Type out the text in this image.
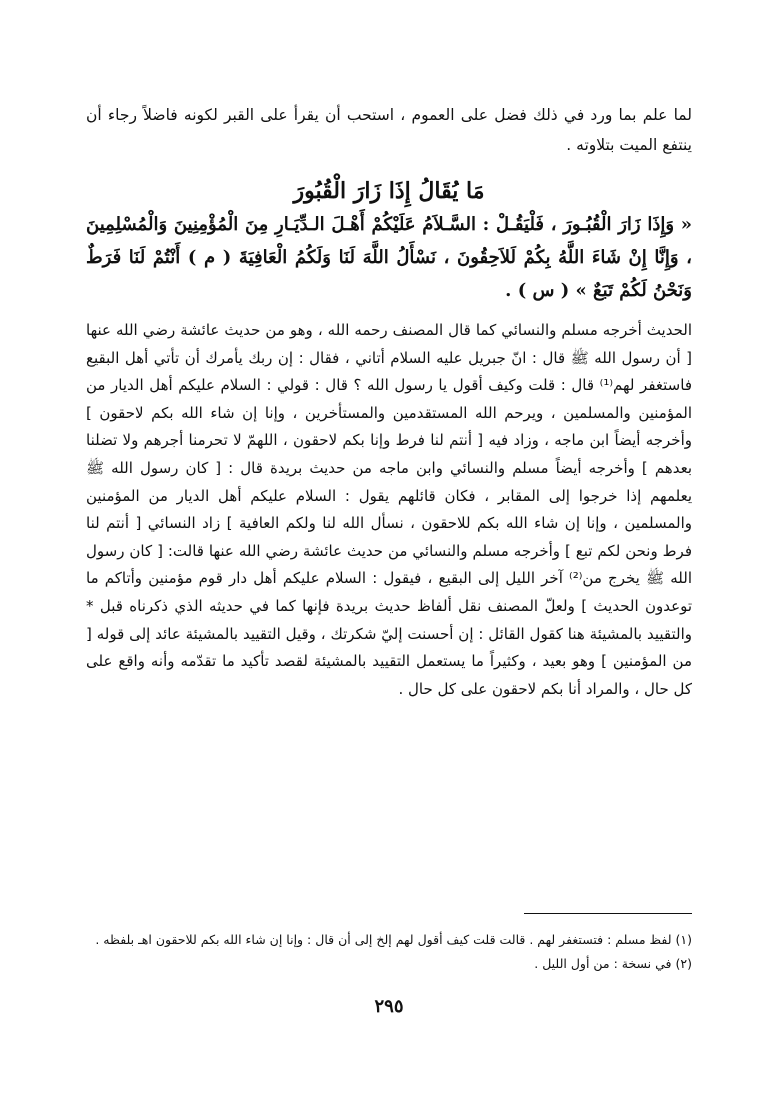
لما علم بما ورد في ذلك فضل على العموم ، استحب أن يقرأ على القبر لكونه فاضلاً رجاء أن ينتفع الميت بتلاوته .

مَا يُقَالُ إِذَا زَارَ الْقُبُورَ

« وَإِذَا زَارَ الْقُبُـورَ ، فَلْيَقُـلْ : السَّـلاَمُ عَلَيْكُمْ أَهْـلَ الـدِّيَـارِ مِنَ الْمُؤْمِنِينَ وَالْمُسْلِمِينَ ، وَإِنَّا إِنْ شَاءَ اللَّهُ بِكُمْ لَلاَحِقُونَ ، نَسْأَلُ اللَّهَ لَنَا وَلَكُمُ الْعَافِيَةَ ( م ) أَنْتُمْ لَنَا فَرَطٌ وَنَحْنُ لَكُمْ تَبَعٌ » ( س ) .

الحديث أخرجه مسلم والنسائي كما قال المصنف رحمه الله ، وهو من حديث عائشة رضي الله عنها [ أن رسول الله ﷺ قال : انّ جبريل عليه السلام أتاني ، فقال : إن ربك يأمرك أن تأتي أهل البقيع فاستغفر لهم⁽¹⁾ قال : قلت وكيف أقول يا رسول الله ؟ قال : قولي : السلام عليكم أهل الديار من المؤمنين والمسلمين ، ويرحم الله المستقدمين والمستأخرين ، وإنا إن شاء الله بكم لاحقون ] وأخرجه أيضاً ابن ماجه ، وزاد فيه [ أنتم لنا فرط وإنا بكم لاحقون ، اللهمّ لا تحرمنا أجرهم ولا تضلنا بعدهم ] وأخرجه أيضاً مسلم والنسائي وابن ماجه من حديث بريدة قال : [ كان رسول الله ﷺ يعلمهم إذا خرجوا إلى المقابر ، فكان قائلهم يقول : السلام عليكم أهل الديار من المؤمنين والمسلمين ، وإنا إن شاء الله بكم للاحقون ، نسأل الله لنا ولكم العافية ] زاد النسائي [ أنتم لنا فرط ونحن لكم تبع ] وأخرجه مسلم والنسائي من حديث عائشة رضي الله عنها قالت: [ كان رسول الله ﷺ يخرج من⁽²⁾ آخر الليل إلى البقيع ، فيقول : السلام عليكم أهل دار قوم مؤمنين وأتاكم ما توعدون الحديث ] ولعلّ المصنف نقل ألفاظ حديث بريدة فإنها كما في حديثه الذي ذكرناه قبل * والتقييد بالمشيئة هنا كقول القائل : إن أحسنت إليّ شكرتك ، وقيل التقييد بالمشيئة عائد إلى قوله [ من المؤمنين ] وهو بعيد ، وكثيراً ما يستعمل التقييد بالمشيئة لقصد تأكيد ما تقدّمه وأنه واقع على كل حال ، والمراد أنا بكم لاحقون على كل حال .

(١) لفظ مسلم : فتستغفر لهم . قالت قلت كيف أقول لهم إلخ إلى أن قال : وإنا إن شاء الله بكم للاحقون اهـ بلفظه .

(٢) في نسخة : من أول الليل .

٢٩٥
